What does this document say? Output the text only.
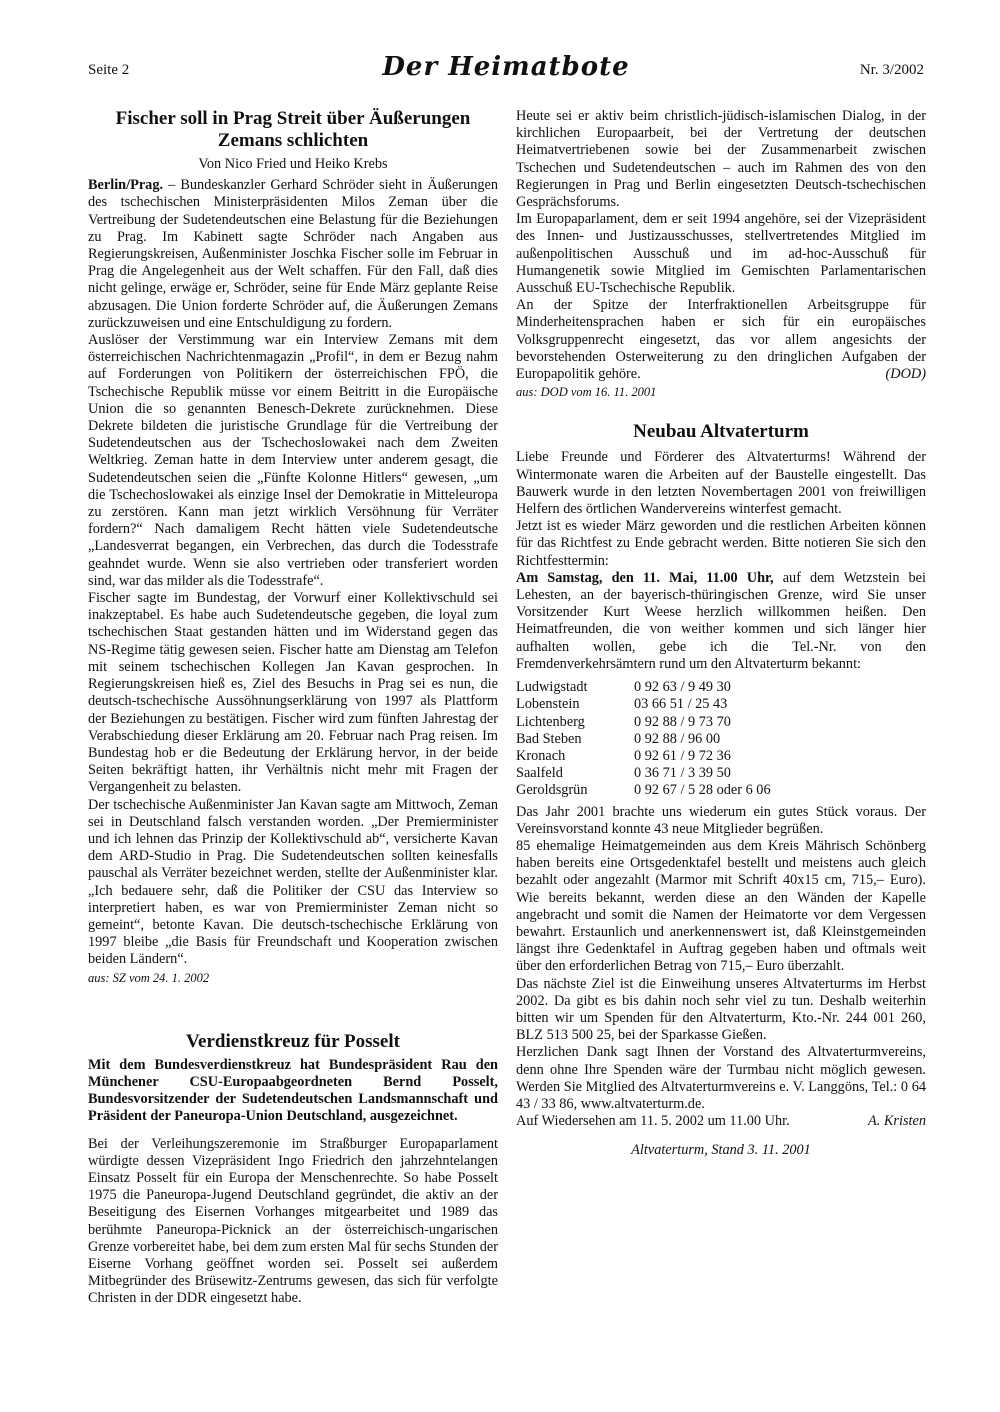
Seite 2	Der Heimatbote	Nr. 3/2002
Fischer soll in Prag Streit über Äußerungen Zemans schlichten
Von Nico Fried und Heiko Krebs

Berlin/Prag. – Bundeskanzler Gerhard Schröder sieht in Äußerungen des tschechischen Ministerpräsidenten Milos Zeman über die Vertreibung der Sudetendeutschen eine Belastung für die Beziehungen zu Prag. Im Kabinett sagte Schröder nach Angaben aus Regierungskreisen, Außenminister Joschka Fischer solle im Februar in Prag die Angelegenheit aus der Welt schaffen. Für den Fall, daß dies nicht gelinge, erwäge er, Schröder, seine für Ende März geplante Reise abzusagen. Die Union forderte Schröder auf, die Äußerungen Zemans zurückzuweisen und eine Entschuldigung zu fordern.

Auslöser der Verstimmung war ein Interview Zemans mit dem österreichischen Nachrichtenmagazin „Profil“, in dem er Bezug nahm auf Forderungen von Politikern der österreichischen FPÖ, die Tschechische Republik müsse vor einem Beitritt in die Europäische Union die so genannten Benesch-Dekrete zurücknehmen. Diese Dekrete bildeten die juristische Grundlage für die Vertreibung der Sudetendeutschen aus der Tschechoslowakei nach dem Zweiten Weltkrieg. Zeman hatte in dem Interview unter anderem gesagt, die Sudetendeutschen seien die „Fünfte Kolonne Hitlers“ gewesen, „um die Tschechoslowakei als einzige Insel der Demokratie in Mitteleuropa zu zerstören. Kann man jetzt wirklich Versöhnung für Verräter fordern?“ Nach damaligem Recht hätten viele Sudetendeutsche „Landesverrat begangen, ein Verbrechen, das durch die Todesstrafe geahndet wurde. Wenn sie also vertrieben oder transferiert worden sind, war das milder als die Todesstrafe“.

Fischer sagte im Bundestag, der Vorwurf einer Kollektivschuld sei inakzeptabel. Es habe auch Sudetendeutsche gegeben, die loyal zum tschechischen Staat gestanden hätten und im Widerstand gegen das NS-Regime tätig gewesen seien. Fischer hatte am Dienstag am Telefon mit seinem tschechischen Kollegen Jan Kavan gesprochen. In Regierungskreisen hieß es, Ziel des Besuchs in Prag sei es nun, die deutsch-tschechische Aussöhnungserklärung von 1997 als Plattform der Beziehungen zu bestätigen. Fischer wird zum fünften Jahrestag der Verabschiedung dieser Erklärung am 20. Februar nach Prag reisen. Im Bundestag hob er die Bedeutung der Erklärung hervor, in der beide Seiten bekräftigt hatten, ihr Verhältnis nicht mehr mit Fragen der Vergangenheit zu belasten.

Der tschechische Außenminister Jan Kavan sagte am Mittwoch, Zeman sei in Deutschland falsch verstanden worden. „Der Premierminister und ich lehnen das Prinzip der Kollektivschuld ab“, versicherte Kavan dem ARD-Studio in Prag. Die Sudetendeutschen sollten keinesfalls pauschal als Verräter bezeichnet werden, stellte der Außenminister klar. „Ich bedauere sehr, daß die Politiker der CSU das Interview so interpretiert haben, es war von Premierminister Zeman nicht so gemeint“, betonte Kavan. Die deutsch-tschechische Erklärung von 1997 bleibe „die Basis für Freundschaft und Kooperation zwischen beiden Ländern“.

aus: SZ vom 24. 1. 2002
Verdienstkreuz für Posselt

Mit dem Bundesverdienstkreuz hat Bundespräsident Rau den Münchener CSU-Europaabgeordneten Bernd Posselt, Bundesvorsitzender der Sudetendeutschen Landsmannschaft und Präsident der Paneuropa-Union Deutschland, ausgezeichnet.

Bei der Verleihungszeremonie im Straßburger Europaparlament würdigte dessen Vizepräsident Ingo Friedrich den jahrzehntelangen Einsatz Posselt für ein Europa der Menschenrechte. So habe Posselt 1975 die Paneuropa-Jugend Deutschland gegründet, die aktiv an der Beseitigung des Eisernen Vorhanges mitgearbeitet und 1989 das berühmte Paneuropa-Picknick an der österreichisch-ungarischen Grenze vorbereitet habe, bei dem zum ersten Mal für sechs Stunden der Eiserne Vorhang geöffnet worden sei. Posselt sei außerdem Mitbegründer des Brüsewitz-Zentrums gewesen, das sich für verfolgte Christen in der DDR eingesetzt habe.

Heute sei er aktiv beim christlich-jüdisch-islamischen Dialog, in der kirchlichen Europaarbeit, bei der Vertretung der deutschen Heimatvertriebenen sowie bei der Zusammenarbeit zwischen Tschechen und Sudetendeutschen – auch im Rahmen des von den Regierungen in Prag und Berlin eingesetzten Deutsch-tschechischen Gesprächsforums.

Im Europaparlament, dem er seit 1994 angehöre, sei der Vizepräsident des Innen- und Justizausschusses, stellvertretendes Mitglied im außenpolitischen Ausschuß und im ad-hoc-Ausschuß für Humangenetik sowie Mitglied im Gemischten Parlamentarischen Ausschuß EU-Tschechische Republik.

An der Spitze der Interfraktionellen Arbeitsgruppe für Minderheitensprachen haben er sich für ein europäisches Volksgruppenrecht eingesetzt, das vor allem angesichts der bevorstehenden Osterweiterung zu den dringlichen Aufgaben der Europapolitik gehöre.	(DOD)

aus: DOD vom 16. 11. 2001
Neubau Altvaterturm

Liebe Freunde und Förderer des Altvaterturms! Während der Wintermonate waren die Arbeiten auf der Baustelle eingestellt. Das Bauwerk wurde in den letzten Novembertagen 2001 von freiwilligen Helfern des örtlichen Wandervereins winterfest gemacht.

Jetzt ist es wieder März geworden und die restlichen Arbeiten können für das Richtfest zu Ende gebracht werden. Bitte notieren Sie sich den Richtfesttermin:

Am Samstag, den 11. Mai, 11.00 Uhr, auf dem Wetzstein bei Lehesten, an der bayerisch-thüringischen Grenze, wird Sie unser Vorsitzender Kurt Weese herzlich willkommen heißen. Den Heimatfreunden, die von weither kommen und sich länger hier aufhalten wollen, gebe ich die Tel.-Nr. von den Fremdenverkehrsämtern rund um den Altvaterturm bekannt:

Ludwigstadt	0 92 63 / 9 49 30
Lobenstein	03 66 51 / 25 43
Lichtenberg	0 92 88 / 9 73 70
Bad Steben	0 92 88 / 96 00
Kronach	0 92 61 / 9 72 36
Saalfeld	0 36 71 / 3 39 50
Geroldsgrün	0 92 67 / 5 28 oder 6 06

Das Jahr 2001 brachte uns wiederum ein gutes Stück voraus. Der Vereinsvorstand konnte 43 neue Mitglieder begrüßen.

85 ehemalige Heimatgemeinden aus dem Kreis Mährisch Schönberg haben bereits eine Ortsgedenktafel bestellt und meistens auch gleich bezahlt oder angezahlt (Marmor mit Schrift 40x15 cm, 715,– Euro). Wie bereits bekannt, werden diese an den Wänden der Kapelle angebracht und somit die Namen der Heimatorte vor dem Vergessen bewahrt. Erstaunlich und anerkennenswert ist, daß Kleinstgemeinden längst ihre Gedenktafel in Auftrag gegeben haben und oftmals weit über den erforderlichen Betrag von 715,– Euro überzahlt.

Das nächste Ziel ist die Einweihung unseres Altvaterturms im Herbst 2002. Da gibt es bis dahin noch sehr viel zu tun. Deshalb weiterhin bitten wir um Spenden für den Altvaterturm, Kto.-Nr. 244 001 260, BLZ 513 500 25, bei der Sparkasse Gießen.

Herzlichen Dank sagt Ihnen der Vorstand des Altvaterturmvereins, denn ohne Ihre Spenden wäre der Turmbau nicht möglich gewesen. Werden Sie Mitglied des Altvaterturmvereins e. V. Langgöns, Tel.: 0 64 43 / 33 86, www.altvaterturm.de.

Auf Wiedersehen am 11. 5. 2002 um 11.00 Uhr.	A. Kristen

Altvaterturm, Stand 3. 11. 2001
